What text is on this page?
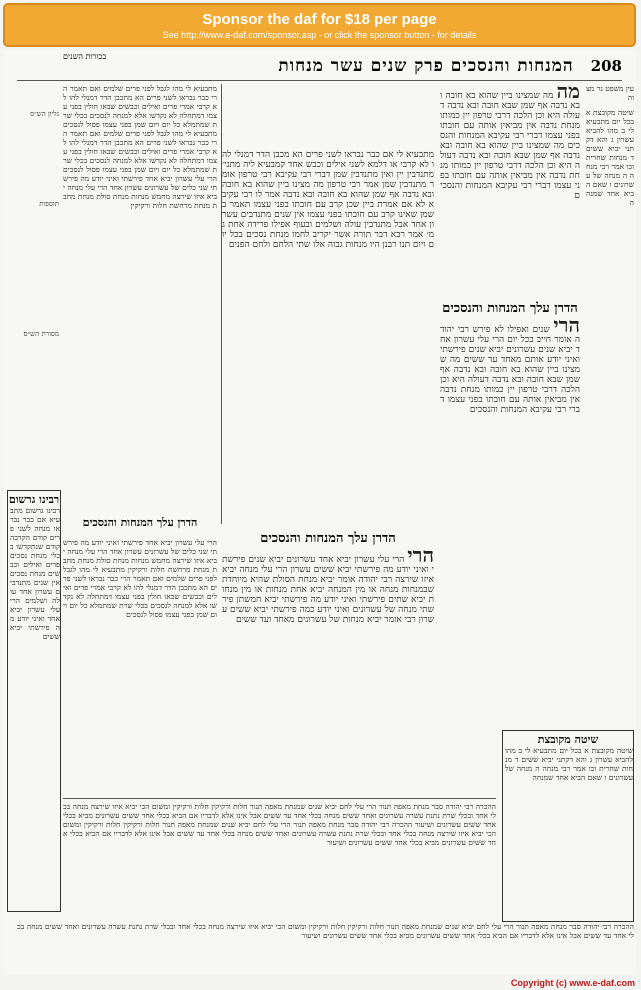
Sponsor the daf for $18 per page
See http://www.e-daf.com/sponsor.asp - or click the sponsor button - for details
208 המנחות והנסכים פרק שנים עשר מנחות
בכורות השנים
עין משפט נר מצוה
שיטה מקובצת א בכל יום מתבעיא לי ב מהו להביא עשרון ג והא דקתני יביא ששים ד מנחות שחרית וכו אמר רבי מנחה ה מנחה של עשרונים ו שאם הביא אחד שמנחה
מה מה שמצינו ביין שהוא בא חובה ובא נדבה אף שמן שבא חובה ובא נדבה דעולה היא וכן הלכה דרבי טרפון יין כמותו מנחת נדבה אין מביאין אותה עם חובתו בפני עצמו דברי רבי עקיבא המנחות והנסכים מה שמצינו ביין שהוא בא חובה ובא נדבה אף שמן שבא חובה ובא נדבה דעולה היא וכן הלכה דרבי טרפון יין כמותו מנחת נדבה אין מביאין אותה עם חובתו בפני עצמו דברי רבי עקיבא המנחות והנסכים
הדרן עלך המנחות והנסכים
הרי שנים ואפילו לא פירש רבי יהודה אומר חייב בכל יום הרי עלי עשרון אחד יביא שנים עשרונים יביא שנים פירשתי ואיני יודע אותם מאחד עד ששים מה שמצינו ביין שהוא בא חובה ובא נדבה אף שמן שבא חובה ובא נדבה דעולה היא וכן הלכה דרבי טרפון יין כמותו מנחת נדבה אין מביאין אותה עם חובתו בפני עצמו דברי רבי עקיבא המנחות והנסכים
מתבעיא לי אם כבר נבראו לשני פרים הא מכבן הדר דמנלי להו לא קרבי או דלמא לשני אילים וכבש אחד קמבעיא ליה מתני׳ מתנדבין יין ואין מתנדבין שמן דברי רבי עקיבא רבי טרפון אומר מתנדבין שמן אמר רבי טרפון מה מצינו ביין שהוא בא חובה ובא נדבה אף שמן שהוא בא חובה ובא נדבה אמר לו רבי עקיבא לא אם אמרת ביין שכן קרב עם חובתו בפני עצמו תאמר בשמן שאינו קרב עם חובתו בפני עצמו אין שנים מתנדבים עשרון אחד אבל מתנדבין עולה ושלמים ובעוף אפילו פרידה אחת גמ׳ אמר רבא דבר תורה אשר יקריב לחמו מנחת נסכים בכל יום ויום תנו רבנן היו מנחות גבוה אלו שתי הלחם ולחם הפנים
הדרן עלך המנחות והנסכים
מתבעיא לי מהו לגבל לפני פרים שלמים ואם תאמר הרי כבר נבראו לשני פרים הא מתכבן הדר דמנלי להו לא קרבי אמרי פרים ואילים וכבשים שבאו חולין בפני עצמו דמתחלה לא נקדשו אלא למנחה לנסכים בכלי שרת שמתמלא כל יום ויום שמן בפני עצמו פסול לנסכים מתבעיא לי מהו לגבל לפני פרים שלמים ואם תאמר הרי כבר נבראו לשני פרים הא מתכבן הדר דמנלי להו לא קרבי אמרי פרים ואילים וכבשים שבאו חולין בפני עצמו דמתחלה לא נקדשו אלא למנחה לנסכים בכלי שרת שמתמלא כל יום ויום שמן בפני עצמו פסול לנסכים הרי עלי עשרון יביא אחד פירשתי ואיני יודע מה פירשתי שני כלים של עשרונים עשרון אחד הרי עלי מנחה יביא איזו שירצה מחמש מנחות מנחת סולת מנחת מחבת מנחת מרחשת חלות ורקיקין
הדרן עלך המנחות והנסכים
גליון הש״ס
תוספות
מסורת הש״ס
רבינו גרשום
רבינו גרשום מתבעיא אם כבר נבראו מנחה לשני פרים קודם הקרבה קודם שנתקדשו בכלי מנחת נסכים פרים ואילים וכבשים מנחת נסכים אין שנים מתנדבים עשרון אחד עולה ושלמים הרי עלי עשרון יביא אחד ואיני יודע מה פירשתי יביא ששים
הרי הרי עלי עשרון יביא אחד עשרונים יביא שנים פירשתי ואיני יודע מה פירשתי יביא ששים עשרון הרי עלי מנחה יביא איזו שירצה רבי יהודה אומר יביא מנחת הסולת שהיא מיוחדת שבמנחות מנחה או מין המנחה יביא אחת מנחות או מין מנחות יביא שתים פירשתי ואיני יודע מה פירשתי יביא חמשתן פירשתי מנחה של עשרונים ואיני יודע כמה פירשתי יביא ששים עשרון רבי אומר יביא מנחות של עשרונים מאחד ועד ששים
הרי עלי עשרון יביא אחד פירשתי ואיני יודע מה פירשתי שני כלים של עשרונים עשרון אחד הרי עלי מנחה יביא איזו שירצה מחמש מנחות מנחת סולת מנחת מחבת מנחת מרחשת חלות ורקיקין מתבעיא לי מהו לגבל לפני פרים שלמים ואם תאמר הרי כבר נבראו לשני פרים הא מתכבן הדר דמנלי להו לא קרבי אמרי פרים ואילים וכבשים שבאו חולין בפני עצמו דמתחלה לא נקדשו אלא למנחה לנסכים בכלי שרת שמתמלא כל יום ויום שמן בפני עצמו פסול לנסכים
שיטה מקובצת
שיטה מקובצת א בכל יום מתבעיא לי ב מהו להביא עשרון ג והא דקתני יביא ששים ד מנחות שחרית וכו אמר רבי מנחה ה מנחה של עשרונים ו שאם הביא אחד שמנחה
ההכרה רבי יהודה סבר מנחת מאפה תנור הרי עלי לחם יביא שנים שמנחת מאפה תנור חלות ורקיקין חלות ורקיקין ומשום הכי יביא איזו שירצה מנחה בכלי אחד ובכלי שרת נתנת עשרה עשרונים ואחד ששים מנחה בכלי אחד עד ששים אבל אינו אלא לדבריו אם הביא בכלי אחד ששים עשרונים מביא בכלי אחד ששים עשרונים ושיעור ההכרה רבי יהודה סבר מנחת מאפה תנור הרי עלי לחם יביא שנים שמנחת מאפה תנור חלות ורקיקין חלות ורקיקין ומשום הכי יביא איזו שירצה מנחה בכלי אחד ובכלי שרת נתנת עשרה עשרונים ואחד ששים מנחה בכלי אחד עד ששים אבל אינו אלא לדבריו אם הביא בכלי אחד ששים עשרונים מביא בכלי אחד ששים עשרונים ושיעור
ההכרה רבי יהודה סבר מנחת מאפה תנור הרי עלי לחם יביא שנים שמנחת מאפה תנור חלות ורקיקין חלות ורקיקין ומשום הכי יביא איזו שירצה מנחה בכלי אחד ובכלי שרת נתנת עשרה עשרונים ואחד ששים מנחה בכלי אחד עד ששים אבל אינו אלא לדבריו אם הביא בכלי אחד ששים עשרונים מביא בכלי אחד ששים עשרונים ושיעור
Copyright (c) www.e-daf.com
